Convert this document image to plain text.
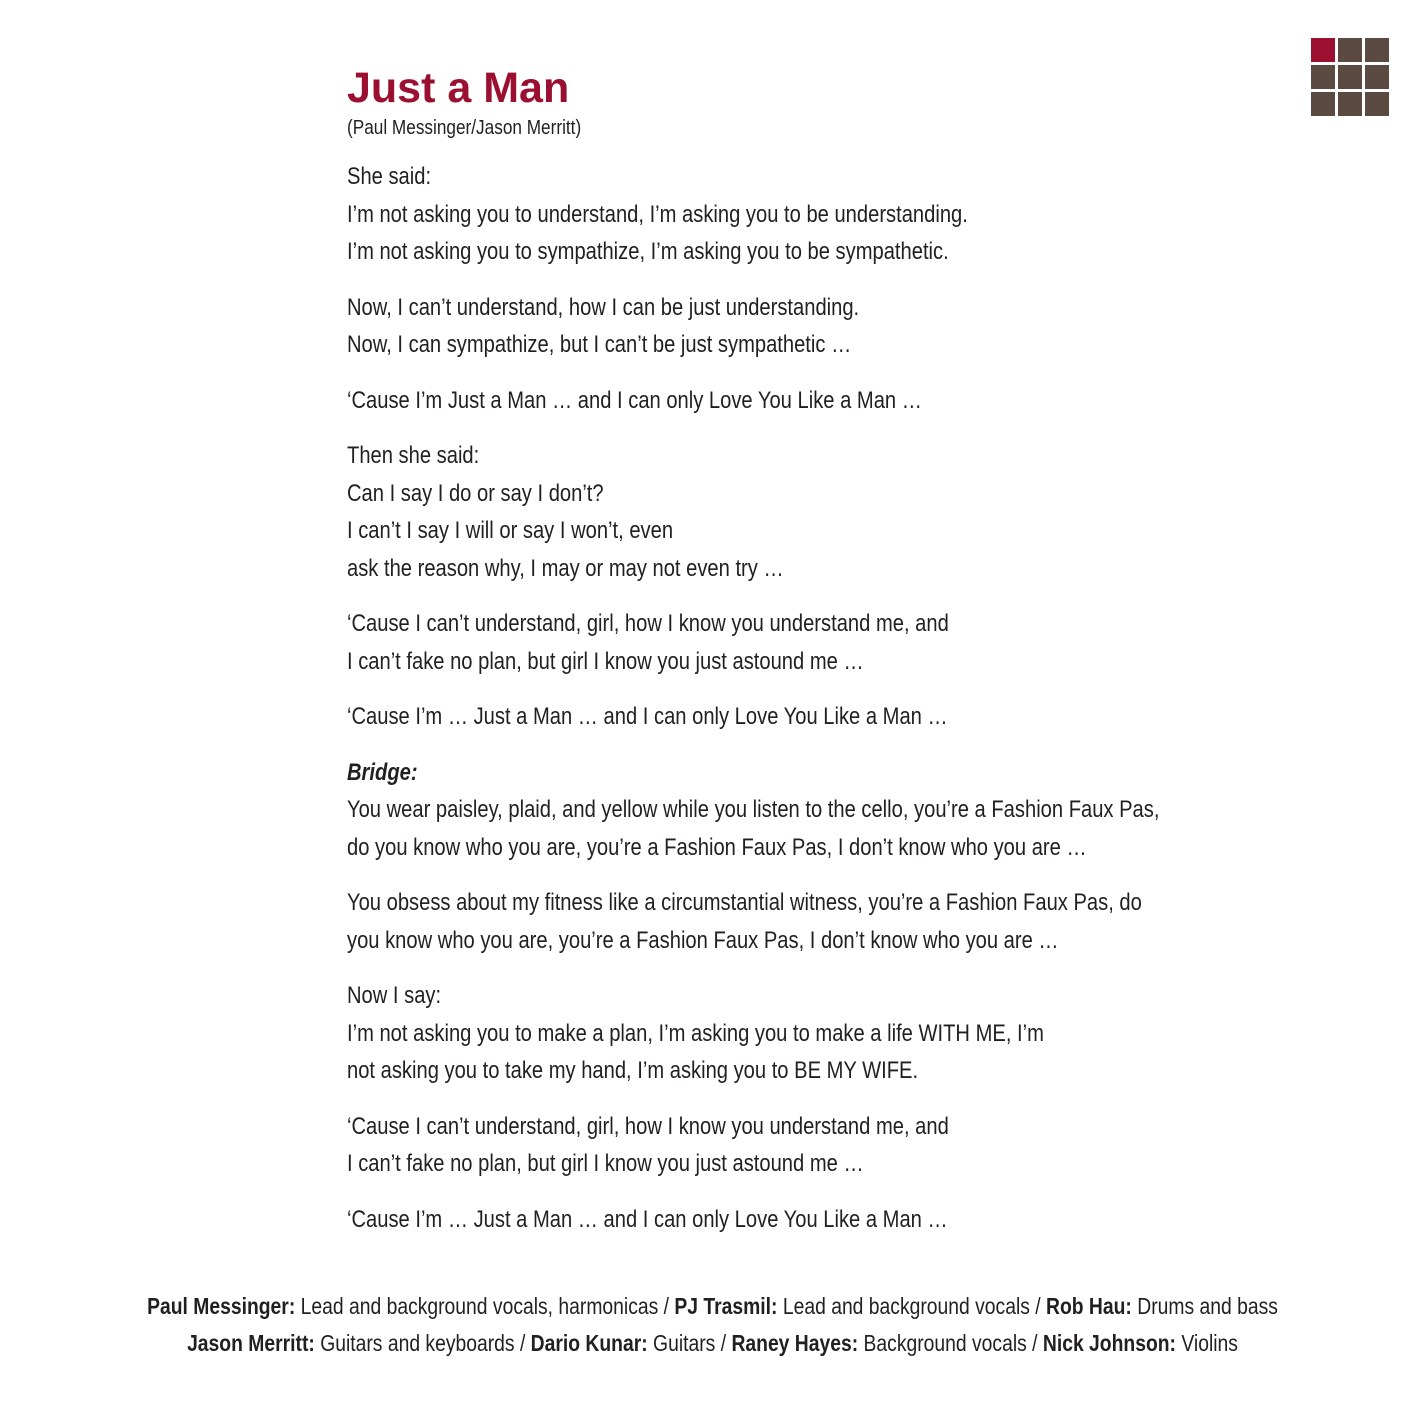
Just a Man
(Paul Messinger/Jason Merritt)
She said:
I’m not asking you to understand, I’m asking you to be understanding.
I’m not asking you to sympathize, I’m asking you to be sympathetic.
Now, I can’t understand, how I can be just understanding.
Now, I can sympathize, but I can’t be just sympathetic …
‘Cause I’m Just a Man … and I can only Love You Like a Man …
Then she said:
Can I say I do or say I don’t?
I can’t I say I will or say I won’t, even
ask the reason why, I may or may not even try …
‘Cause I can’t understand, girl, how I know you understand me, and
I can’t fake no plan, but girl I know you just astound me …
‘Cause I’m … Just a Man … and I can only Love You Like a Man …
Bridge:
You wear paisley, plaid, and yellow while you listen to the cello, you’re a Fashion Faux Pas,
do you know who you are, you’re a Fashion Faux Pas, I don’t know who you are …
You obsess about my fitness like a circumstantial witness, you’re a Fashion Faux Pas, do
you know who you are, you’re a Fashion Faux Pas, I don’t know who you are …
Now I say:
I’m not asking you to make a plan, I’m asking you to make a life WITH ME, I’m
not asking you to take my hand, I’m asking you to BE MY WIFE.
‘Cause I can’t understand, girl, how I know you understand me, and
I can’t fake no plan, but girl I know you just astound me …
‘Cause I’m … Just a Man … and I can only Love You Like a Man …
Paul Messinger: Lead and background vocals, harmonicas / PJ Trasmil: Lead and background vocals / Rob Hau: Drums and bass
Jason Merritt: Guitars and keyboards / Dario Kunar: Guitars / Raney Hayes: Background vocals / Nick Johnson: Violins
